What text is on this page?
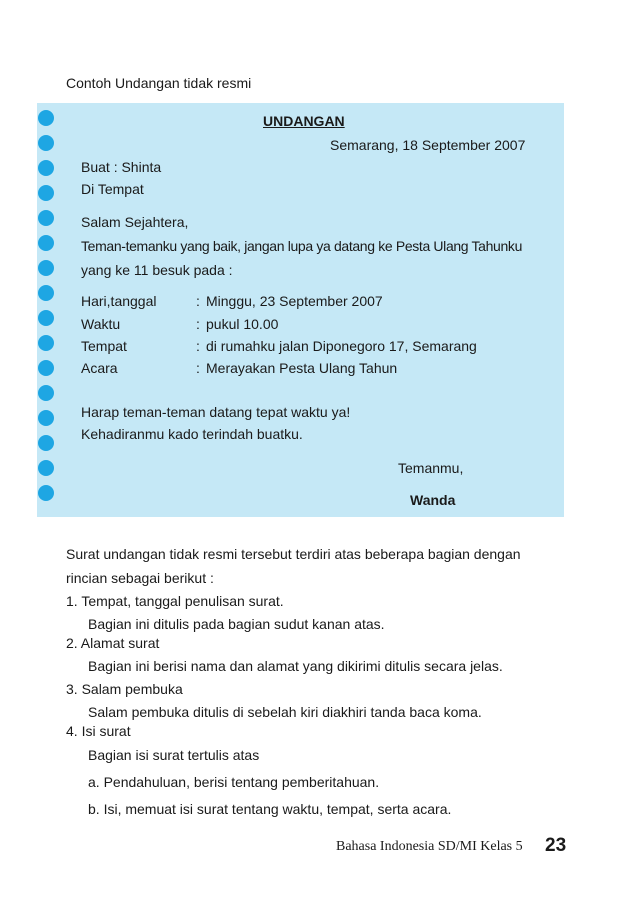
Contoh Undangan tidak resmi
UNDANGAN
Semarang, 18 September 2007
Buat : Shinta
Di Tempat
Salam Sejahtera,
Teman-temanku yang baik, jangan lupa ya datang ke Pesta Ulang Tahunku
yang ke 11 besuk pada :
Hari,tanggal	: Minggu, 23 September 2007
Waktu	: pukul 10.00
Tempat	: di rumahku jalan Diponegoro 17, Semarang
Acara	: Merayakan Pesta Ulang Tahun
Harap teman-teman datang tepat waktu ya!
Kehadiranmu kado terindah buatku.
Temanmu,
Wanda
Surat undangan tidak resmi tersebut terdiri atas beberapa bagian dengan
rincian sebagai berikut :
1. Tempat, tanggal penulisan surat.
Bagian ini ditulis pada bagian sudut kanan atas.
2. Alamat surat
Bagian ini berisi nama dan alamat yang dikirimi ditulis secara jelas.
3. Salam pembuka
Salam pembuka ditulis di sebelah kiri diakhiri tanda baca koma.
4. Isi surat
Bagian isi surat tertulis atas
a. Pendahuluan, berisi tentang pemberitahuan.
b. Isi, memuat isi surat tentang waktu, tempat, serta acara.
Bahasa Indonesia SD/MI Kelas 5 23
